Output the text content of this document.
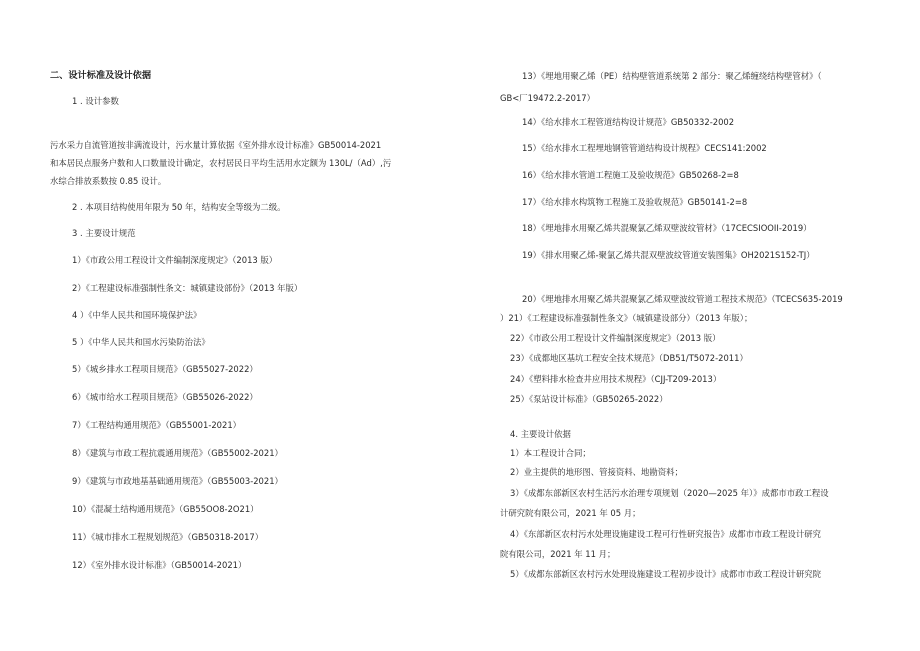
二、设计标准及设计依据
1 . 设计参数
污水采力自流管道按非满流设计，污水量计算依据《室外排水设计标准》GB50014-2021
和本居民点服务户数和人口数量设计确定，农村居民日平均生活用水定额为 130L/（Ad）,污
水综合排放系数按 0.85 设计。
2 . 本项目结构使用年限为 50 年，结构安全等级为二级。
3 . 主要设计规范
1）《市政公用工程设计文件编制深度规定》（2013 版）
2）《工程建设标准强制性条文：城镇建设部份》（2013 年版）
4 ）《中华人民共和国环境保护法》
5 ）《中华人民共和国水污染防治法》
5）《城乡排水工程项目规范》（GB55027-2022）
6）《城市给水工程项目规范》（GB55026-2022）
7）《工程结构通用规范》（GB55001-2021）
8）《建筑与市政工程抗震通用规范》（GB55002-2021）
9）《建筑与市政地基基础通用规范》（GB55003-2021）
10）《混凝土结构通用规范》（GB55OO8-2O21）
11）《城市排水工程规划规范》（GB50318-2017）
12）《室外排水设计标准》（GB50014-2021）
13）《埋地用聚乙烯（PE）结构壁管道系统第 2 部分：聚乙烯缠绕结构壁管材》（
GB<厂19472.2-2017）
14）《给水排水工程管道结构设计规范》GB50332-2002
15）《给水排水工程埋地钢管管道结构设计规程》CECS141:2002
16）《给水排水管道工程施工及验收规范》GB50268-2=8
17）《给水排水构筑物工程施工及验收规范》GB50141-2=8
18）《埋地排水用聚乙烯共混聚氯乙烯双壁波纹管材》（17CECSIOOII-2019）
19）《排水用聚乙烯-聚氯乙烯共混双壁波纹管道安装图集》OH2021S152-TJ）
20）《埋地排水用聚乙烯共混聚氯乙烯双壁波纹管道工程技术规范》（TCECS635-2019
）21）《工程建设标准强制性条文》（城镇建设部分）（2013 年版）；
22）《市政公用工程设计文件编制深度规定》（2013 版）
23）《成都地区基坑工程安全技术规范》（DB51/T5072-2011）
24）《塑料排水检查井应用技术规程》（CJJ-T209-2013）
25）《泵站设计标准》（GB50265-2022）
4. 主要设计依据
1）本工程设计合同；
2）业主提供的地形图、管接资料、地勘资料；
3）《成都东部新区农村生活污水治理专项规划（2020—2025 年）》成都市市政工程设
计研究院有限公司，2021 年 05 月；
4）《东部新区农村污水处理设施建设工程可行性研究报告》成都市市政工程设计研究
院有限公司，2021 年 11 月；
5）《成都东部新区农村污水处理设施建设工程初步设计》成都市市政工程设计研究院
